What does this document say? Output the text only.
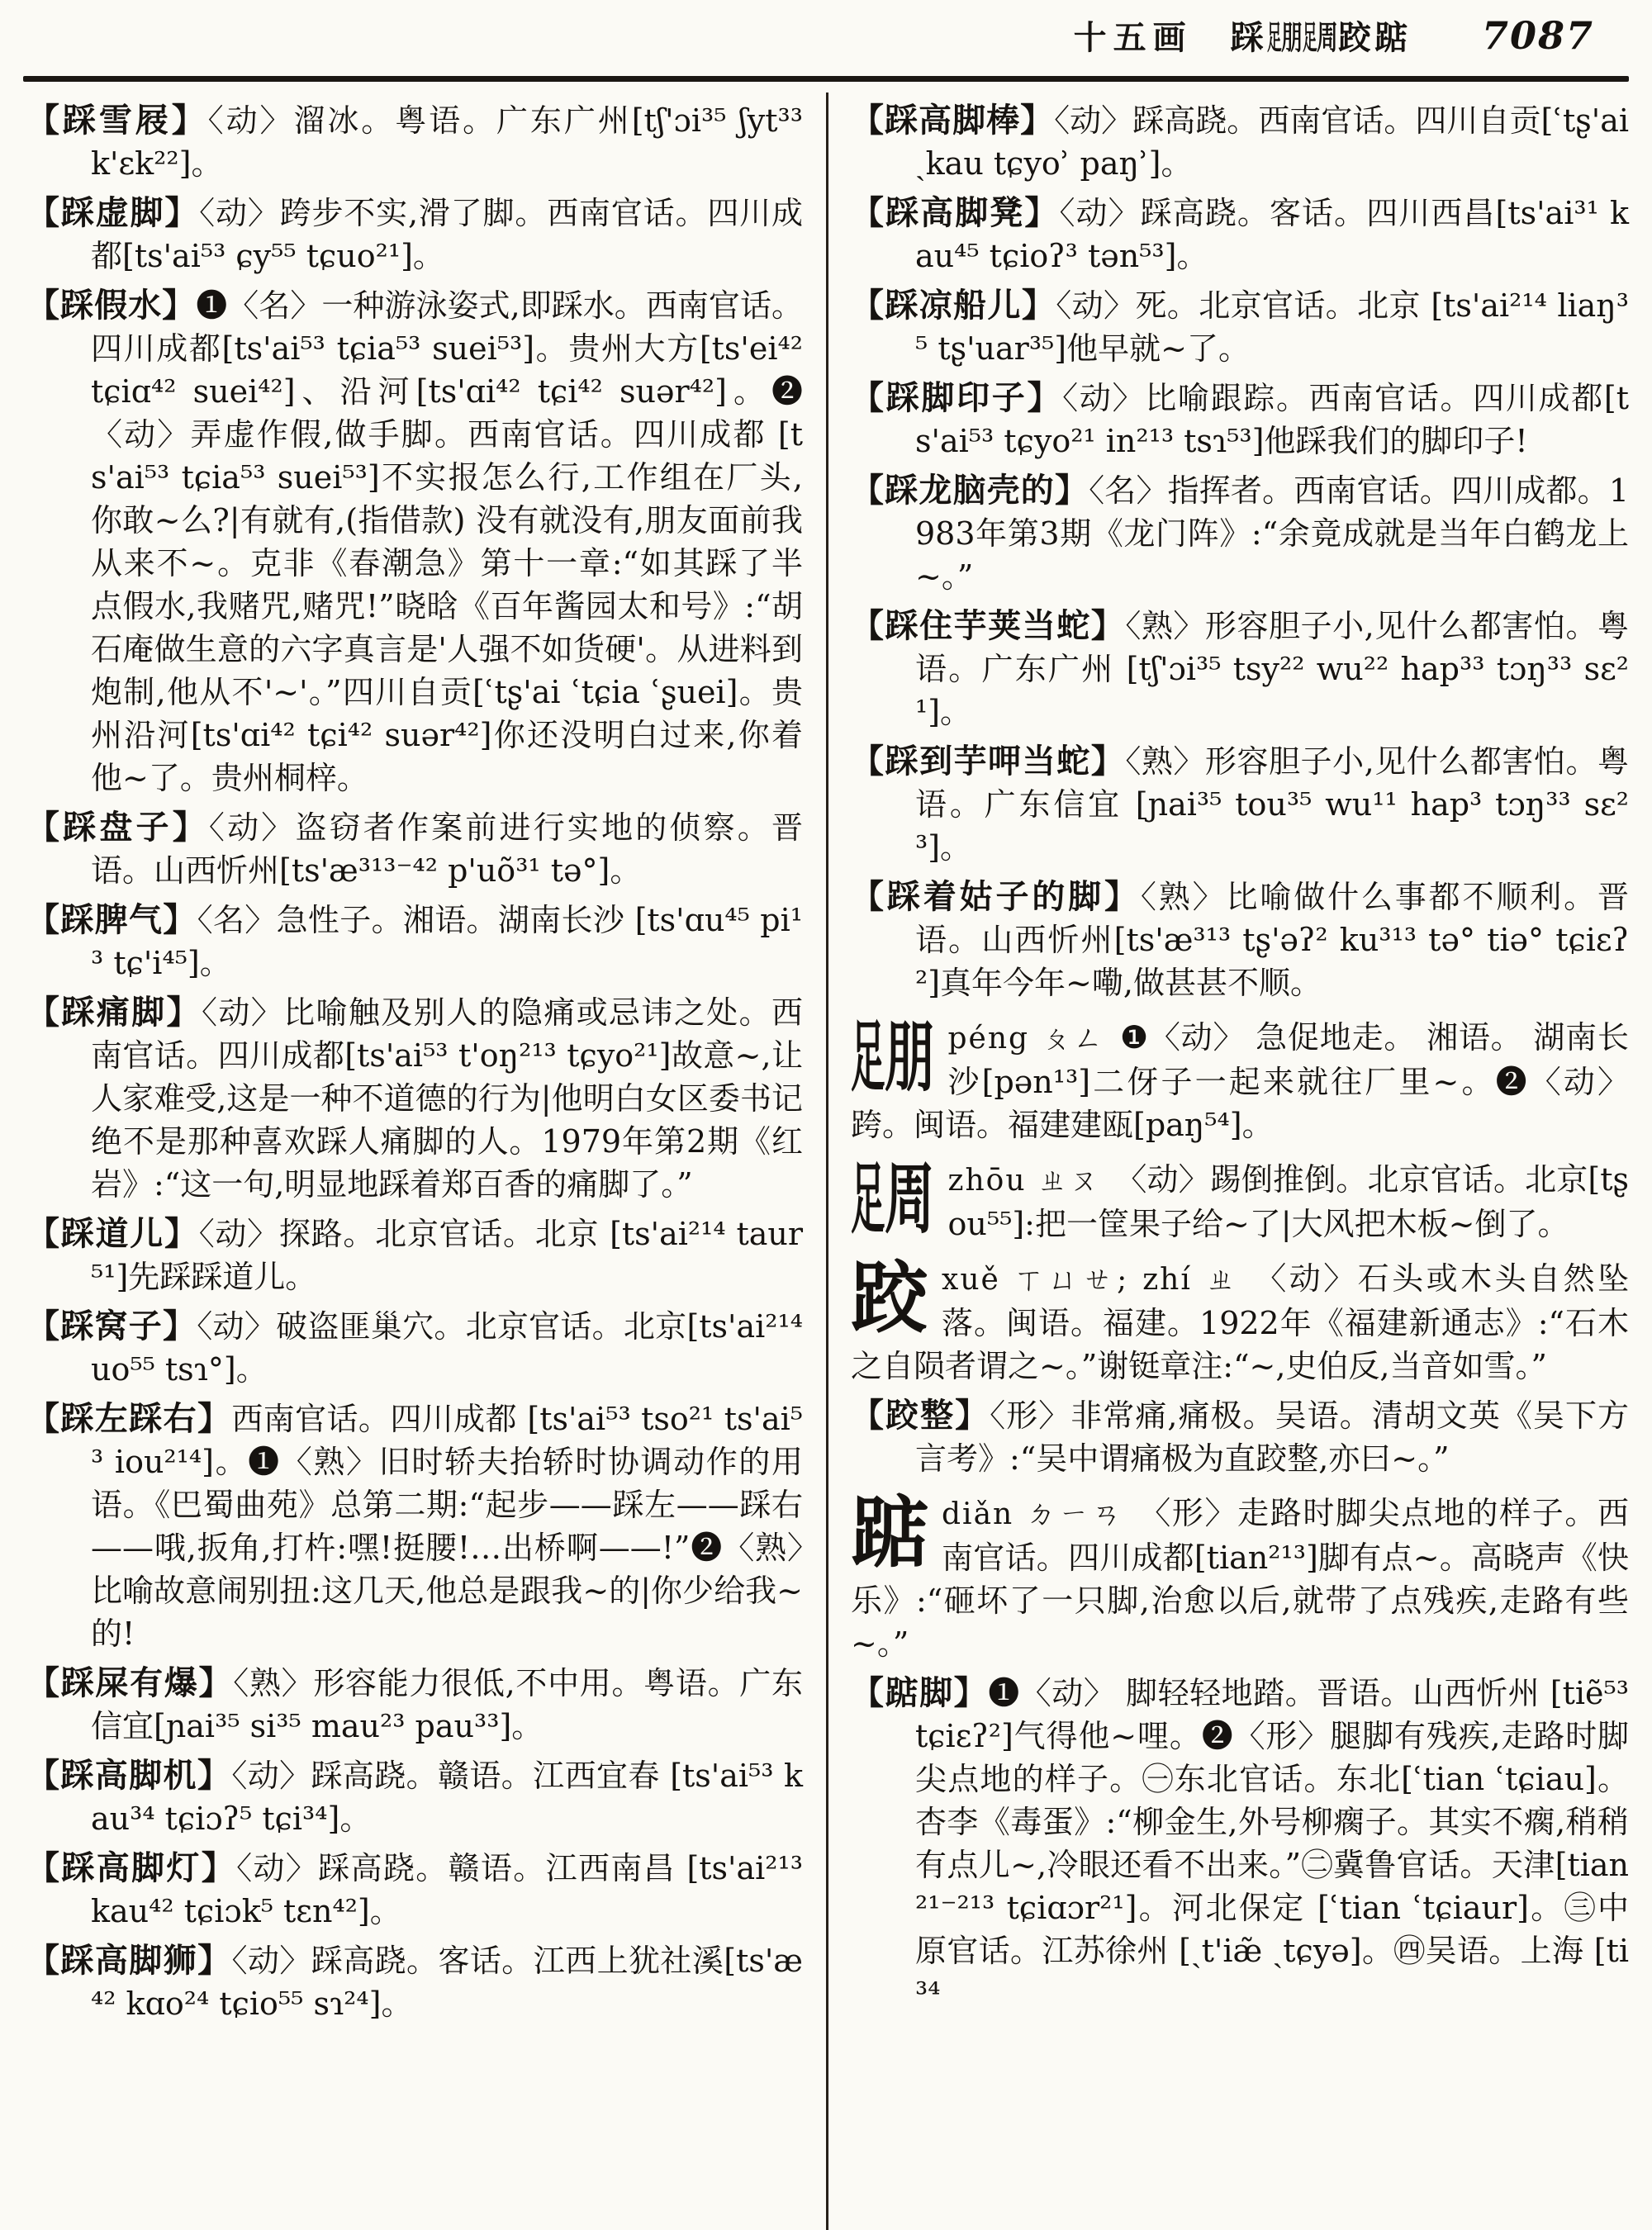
十五画 踩足朋足周跤踮 7087
【踩雪屐】〈动〉溜冰。粤语。广东广州[tʃ'ɔi³⁵ ʃyt³³ k'ɛk²²]。
【踩虚脚】〈动〉跨步不实,滑了脚。西南官话。四川成都[ts'ai⁵³ ɕy⁵⁵ tɕuo²¹]。
【踩假水】❶〈名〉一种游泳姿式,即踩水。西南官话。四川成都[ts'ai⁵³ tɕia⁵³ suei⁵³]。贵州大方[ts'ei⁴² tɕiɑ⁴² suei⁴²]、沿河[ts'ɑi⁴² tɕi⁴² suər⁴²]。❷〈动〉弄虚作假,做手脚。西南官话。四川成都 [ts'ai⁵³ tɕia⁵³ suei⁵³]不实报怎么行,工作组在厂头,你敢~么?|有就有,(指借款) 没有就没有,朋友面前我从来不~。克非《春潮急》第十一章:“如其踩了半点假水,我赌咒,赌咒!”晓晗《百年酱园太和号》:“胡石庵做生意的六字真言是'人强不如货硬'。从进料到炮制,他从不'~'。”四川自贡[ʿtʂ'ai ʿtɕia ʿʂuei]。贵州沿河[ts'ɑi⁴² tɕi⁴² suər⁴²]你还没明白过来,你着他~了。贵州桐梓。
【踩盘子】〈动〉盗窃者作案前进行实地的侦察。晋语。山西忻州[ts'æ³¹³⁻⁴² p'uõ³¹ tə°]。
【踩脾气】〈名〉急性子。湘语。湖南长沙 [ts'ɑu⁴⁵ pi¹³ tɕ'i⁴⁵]。
【踩痛脚】〈动〉比喻触及别人的隐痛或忌讳之处。西南官话。四川成都[ts'ai⁵³ t'oŋ²¹³ tɕyo²¹]故意~,让人家难受,这是一种不道德的行为|他明白女区委书记绝不是那种喜欢踩人痛脚的人。1979年第2期《红岩》:“这一句,明显地踩着郑百香的痛脚了。”
【踩道儿】〈动〉探路。北京官话。北京 [ts'ai²¹⁴ taur⁵¹]先踩踩道儿。
【踩窝子】〈动〉破盗匪巢穴。北京官话。北京[ts'ai²¹⁴ uo⁵⁵ tsɿ°]。
【踩左踩右】西南官话。四川成都 [ts'ai⁵³ tso²¹ ts'ai⁵³ iou²¹⁴]。❶〈熟〉旧时轿夫抬轿时协调动作的用语。《巴蜀曲苑》总第二期:“起步——踩左——踩右——哦,扳角,打杵:嘿!挺腰!…出桥啊——!”❷〈熟〉比喻故意闹别扭:这几天,他总是跟我~的|你少给我~的!
【踩屎有爆】〈熟〉形容能力很低,不中用。粤语。广东信宜[ɲai³⁵ si³⁵ mau²³ pau³³]。
【踩高脚机】〈动〉踩高跷。赣语。江西宜春 [ts'ai⁵³ kau³⁴ tɕiɔʔ⁵ tɕi³⁴]。
【踩高脚灯】〈动〉踩高跷。赣语。江西南昌 [ts'ai²¹³ kau⁴² tɕiɔk⁵ tɛn⁴²]。
【踩高脚狮】〈动〉踩高跷。客话。江西上犹社溪[ts'æ⁴² kɑo²⁴ tɕio⁵⁵ sɿ²⁴]。
【踩高脚棒】〈动〉踩高跷。西南官话。四川自贡[ʿtʂ'ai ˏkau tɕyoʾ paŋʾ]。
【踩高脚凳】〈动〉踩高跷。客话。四川西昌[ts'ai³¹ kau⁴⁵ tɕioʔ³ tən⁵³]。
【踩凉船儿】〈动〉死。北京官话。北京 [ts'ai²¹⁴ liaŋ³⁵ tʂ'uar³⁵]他早就~了。
【踩脚印子】〈动〉比喻跟踪。西南官话。四川成都[ts'ai⁵³ tɕyo²¹ in²¹³ tsɿ⁵³]他踩我们的脚印子!
【踩龙脑壳的】〈名〉指挥者。西南官话。四川成都。1983年第3期《龙门阵》:“余竟成就是当年白鹤龙上~。”
【踩住芋荚当蛇】〈熟〉形容胆子小,见什么都害怕。粤语。广东广州 [tʃ'ɔi³⁵ tsy²² wu²² hap³³ tɔŋ³³ sɛ²¹]。
【踩到芋呷当蛇】〈熟〉形容胆子小,见什么都害怕。粤语。广东信宜 [ɲai³⁵ tou³⁵ wu¹¹ hap³ tɔŋ³³ sɛ²³]。
【踩着姑子的脚】〈熟〉比喻做什么事都不顺利。晋语。山西忻州[ts'æ³¹³ tʂ'əʔ² ku³¹³ tə° tiə° tɕiɛʔ²]真年今年~嘞,做甚甚不顺。
足朋 péng ㄆㄥ ❶〈动〉 急促地走。 湘语。 湖南长沙[pən¹³]二伢子一起来就往厂里~。❷〈动〉跨。闽语。福建建瓯[paŋ⁵⁴]。
足周 zhōu ㄓㄡ 〈动〉踢倒推倒。北京官话。北京[tʂou⁵⁵]:把一筐果子给~了|大风把木板~倒了。
跤xuě ㄒㄩㄝ; zhí ㄓ 〈动〉石头或木头自然坠落。闽语。福建。1922年《福建新通志》:“石木之自陨者谓之~。”谢铤章注:“~,史伯反,当音如雪。”
【跤整】〈形〉非常痛,痛极。吴语。清胡文英《吴下方言考》:“吴中谓痛极为直跤整,亦曰~。”
踮diǎn ㄉㄧㄢ 〈形〉走路时脚尖点地的样子。西南官话。四川成都[tian²¹³]脚有点~。高晓声《快乐》:“砸坏了一只脚,治愈以后,就带了点残疾,走路有些~。”
【踮脚】❶〈动〉 脚轻轻地踏。晋语。山西忻州 [tiẽ⁵³ tɕiɛʔ²]气得他~哩。❷〈形〉腿脚有残疾,走路时脚尖点地的样子。㊀东北官话。东北[ʿtian ʿtɕiau]。杏李《毒蛋》:“柳金生,外号柳瘸子。其实不瘸,稍稍有点儿~,冷眼还看不出来。”㊁冀鲁官话。天津[tian²¹⁻²¹³ tɕiɑɔr²¹]。河北保定 [ʿtian ʿtɕiaur]。㊂中原官话。江苏徐州 [ˏt'iæ̃ ˏtɕyə]。㊃吴语。上海 [ti³⁴
